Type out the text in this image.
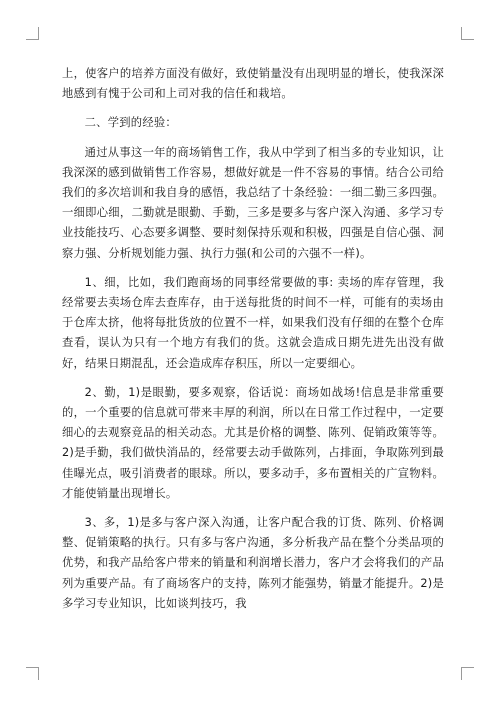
上，使客户的培养方面没有做好，致使销量没有出现明显的增长，使我深深地感到有愧于公司和上司对我的信任和栽培。

二、学到的经验：

通过从事这一年的商场销售工作，我从中学到了相当多的专业知识，让我深深的感到做销售工作容易，想做好就是一件不容易的事情。结合公司给我们的多次培训和我自身的感悟，我总结了十条经验：一细二勤三多四强。一细即心细，二勤就是眼勤、手勤，三多是要多与客户深入沟通、多学习专业技能技巧、心态要多调整、要时刻保持乐观和积极，四强是自信心强、洞察力强、分析规划能力强、执行力强(和公司的六强不一样)。

1、细，比如，我们跑商场的同事经常要做的事: 卖场的库存管理，我经常要去卖场仓库去查库存，由于送每批货的时间不一样，可能有的卖场由于仓库太挤，他将每批货放的位置不一样，如果我们没有仔细的在整个仓库查看，误认为只有一个地方有我们的货。这就会造成日期先进先出没有做好，结果日期混乱，还会造成库存积压，所以一定要细心。

2、勤，1)是眼勤，要多观察，俗话说：商场如战场!信息是非常重要的，一个重要的信息就可带来丰厚的利润，所以在日常工作过程中，一定要细心的去观察竞品的相关动态。尤其是价格的调整、陈列、促销政策等等。2)是手勤，我们做快消品的，经常要去动手做陈列，占排面，争取陈列到最佳曝光点，吸引消费者的眼球。所以，要多动手，多布置相关的广宣物料。才能使销量出现增长。

3、多，1)是多与客户深入沟通，让客户配合我的订货、陈列、价格调整、促销策略的执行。只有多与客户沟通，多分析我产品在整个分类品项的优势，和我产品给客户带来的销量和利润增长潜力，客户才会将我们的产品列为重要产品。有了商场客户的支持，陈列才能强势，销量才能提升。2)是多学习专业知识，比如谈判技巧，我
